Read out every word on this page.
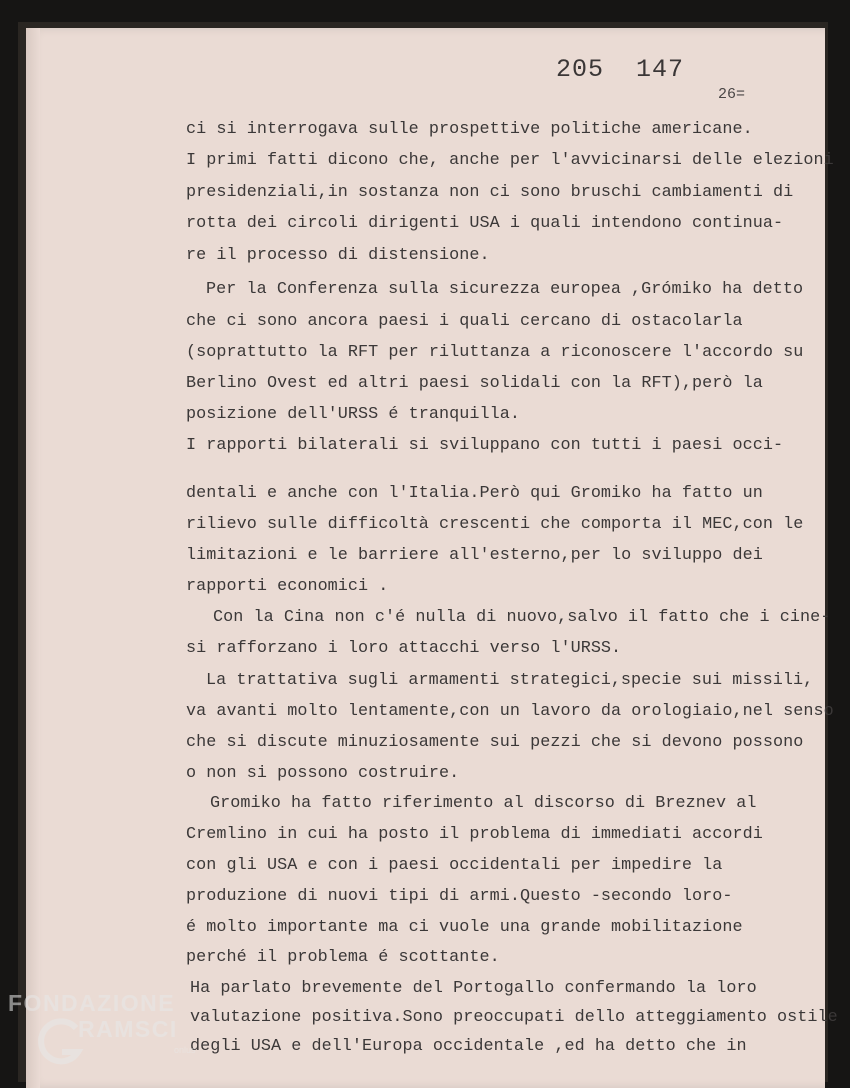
205  147
26=
ci si interrogava sulle prospettive politiche americane.
I primi fatti dicono che, anche per l'avvicinarsi delle elezioni
presidenziali,in sostanza non ci sono bruschi cambiamenti di
rotta dei circoli dirigenti USA i quali intendono continua-
re il processo di distensione.
Per la Conferenza sulla sicurezza europea ,Grómiko ha detto
che ci sono ancora paesi i quali cercano di ostacolarla
(soprattutto la RFT per riluttanza a riconoscere l'accordo su
Berlino Ovest ed altri paesi solidali con la RFT),però la
posizione dell'URSS é tranquilla.
I rapporti bilaterali si sviluppano con tutti i paesi occi-
dentali e anche con l'Italia.Però qui Gromiko ha fatto un
rilievo sulle difficoltà crescenti che comporta il MEC,con le
limitazioni e le barriere all'esterno,per lo sviluppo dei
rapporti economici .
Con la Cina non c'é nulla di nuovo,salvo il fatto che i cine-
si rafforzano i loro attacchi verso l'URSS.
La trattativa sugli armamenti strategici,specie sui missili,
va avanti molto lentamente,con un lavoro da orologiaio,nel senso
che si discute minuziosamente sui pezzi che si devono possono
o non si possono costruire.
Gromiko ha fatto riferimento al discorso di Breznev al
Cremlino in cui ha posto il problema di immediati accordi
con gli USA e con i paesi occidentali per impedire la
produzione di nuovi tipi di armi.Questo -secondo loro-
é molto importante ma ci vuole una grande mobilitazione
perché il problema é scottante.
Ha parlato brevemente del Portogallo confermando la loro
valutazione positiva.Sono preoccupati dello atteggiamento ostile
degli USA e dell'Europa occidentale ,ed ha detto che in
FONDAZIONE
RAMSCI
onlus
